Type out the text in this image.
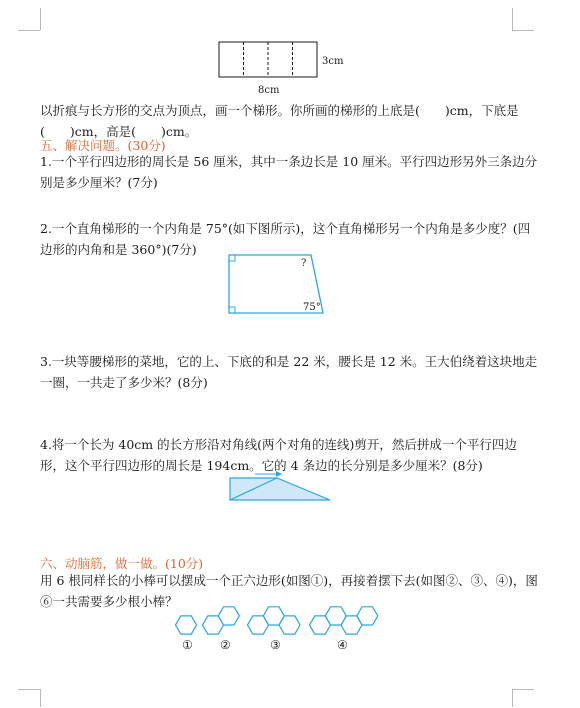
3cm
8cm
以折痕与长方形的交点为顶点，画一个梯形。你所画的梯形的上底是(　　)cm，下底是(　　)cm，高是(　　)cm。
五、解决问题。(30分)
1.一个平行四边形的周长是 56 厘米，其中一条边长是 10 厘米。平行四边形另外三条边分别是多少厘米？(7分)
2.一个直角梯形的一个内角是 75°(如下图所示)，这个直角梯形另一个内角是多少度？(四边形的内角和是 360°)(7分)
?
75°
3.一块等腰梯形的菜地，它的上、下底的和是 22 米，腰长是 12 米。王大伯绕着这块地走一圈，一共走了多少米？(8分)
4.将一个长为 40cm 的长方形沿对角线(两个对角的连线)剪开，然后拼成一个平行四边形，这个平行四边形的周长是 194cm。它的 4 条边的长分别是多少厘米？(8分)
六、动脑筋，做一做。(10分)
用 6 根同样长的小棒可以摆成一个正六边形(如图①)，再接着摆下去(如图②、③、④)，图⑥一共需要多少根小棒？
① ②	③	④
